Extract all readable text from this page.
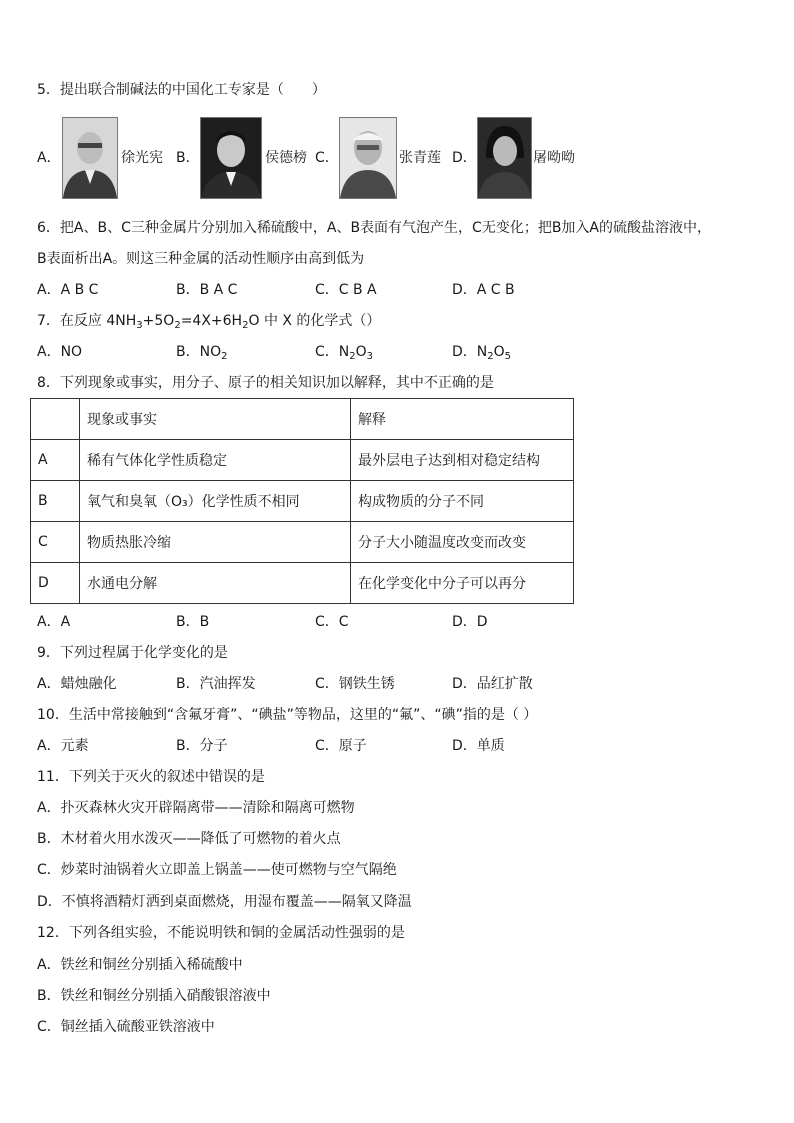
5．提出联合制碱法的中国化工专家是（　　）
A．	徐光宪 B．	侯德榜 C．	张青莲 D．	屠呦呦
6．把A、B、C三种金属片分别加入稀硫酸中，A、B表面有气泡产生，C无变化；把B加入A的硫酸盐溶液中，
B表面析出A。则这三种金属的活动性顺序由高到低为
A．A B C	B．B A C	C．C B A	D．A C B
7．在反应 $4NH_3+5O_2=4X+6H_2O$ 中 X 的化学式（）
A．NO	B．$NO_2$	C．$N_2O_3$	D．$N_2O_5$
8．下列现象或事实，用分子、原子的相关知识加以解释，其中不正确的是
	现象或事实	解释
A	稀有气体化学性质稳定	最外层电子达到相对稳定结构
B	氧气和臭氧（O₃）化学性质不相同	构成物质的分子不同
C	物质热胀冷缩	分子大小随温度改变而改变
D	水通电分解	在化学变化中分子可以再分
A．A	B．B	C．C	D．D
9．下列过程属于化学变化的是
A．蜡烛融化	B．汽油挥发	C．钢铁生锈	D．品红扩散
10．生活中常接触到“含氟牙膏”、“碘盐”等物品，这里的“氟”、“碘”指的是（ ）
A．元素	B．分子	C．原子	D．单质
11．下列关于灭火的叙述中错误的是
A．扑灭森林火灾开辟隔离带——清除和隔离可燃物
B．木材着火用水泼灭——降低了可燃物的着火点
C．炒菜时油锅着火立即盖上锅盖——使可燃物与空气隔绝
D．不慎将酒精灯洒到桌面燃烧，用湿布覆盖——隔氧又降温
12．下列各组实验，不能说明铁和铜的金属活动性强弱的是
A．铁丝和铜丝分别插入稀硫酸中
B．铁丝和铜丝分别插入硝酸银溶液中
C．铜丝插入硫酸亚铁溶液中
